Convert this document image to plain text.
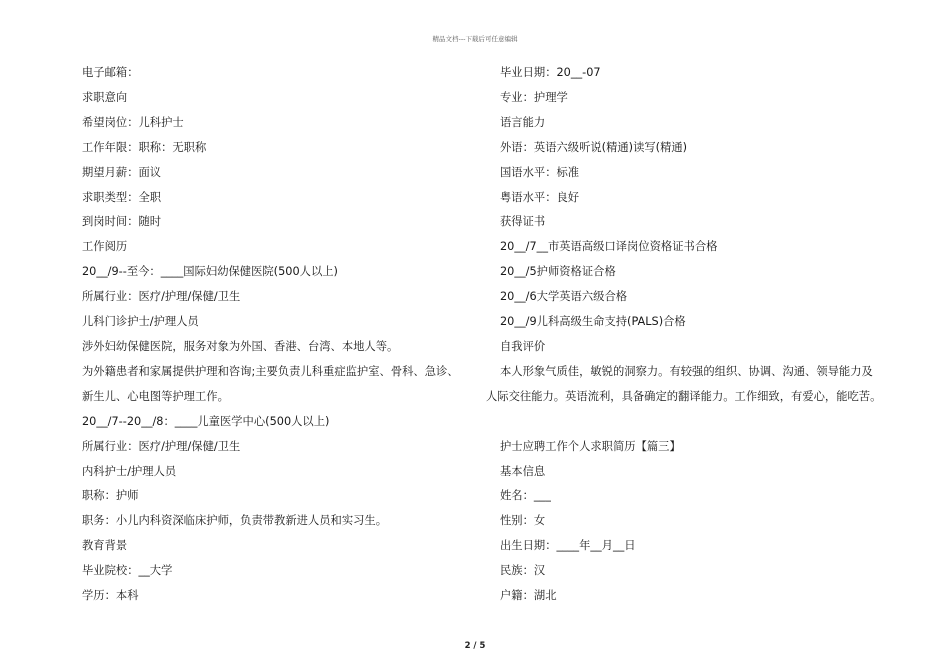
精品文档---下载后可任意编辑
电子邮箱：
求职意向
希望岗位：儿科护士
工作年限：职称：无职称
期望月薪：面议
求职类型：全职
到岗时间：随时
工作阅历
20__/9--至今：____国际妇幼保健医院(500人以上)
所属行业：医疗/护理/保健/卫生
儿科门诊护士/护理人员
涉外妇幼保健医院，服务对象为外国、香港、台湾、本地人等。
为外籍患者和家属提供护理和咨询;主要负责儿科重症监护室、骨科、急诊、
新生儿、心电图等护理工作。
20__/7--20__/8：____儿童医学中心(500人以上)
所属行业：医疗/护理/保健/卫生
内科护士/护理人员
职称：护师
职务：小儿内科资深临床护师，负责带教新进人员和实习生。
教育背景
毕业院校：__大学
学历：本科
毕业日期：20__-07
专业：护理学
语言能力
外语：英语六级听说(精通)读写(精通)
国语水平：标准
粤语水平：良好
获得证书
20__/7__市英语高级口译岗位资格证书合格
20__/5护师资格证合格
20__/6大学英语六级合格
20__/9儿科高级生命支持(PALS)合格
自我评价
本人形象气质佳，敏锐的洞察力。有较强的组织、协调、沟通、领导能力及
人际交往能力。英语流利，具备确定的翻译能力。工作细致，有爱心，能吃苦。
护士应聘工作个人求职简历【篇三】
基本信息
姓名：___
性别：女
出生日期：____年__月__日
民族：汉
户籍：湖北
2 / 5
